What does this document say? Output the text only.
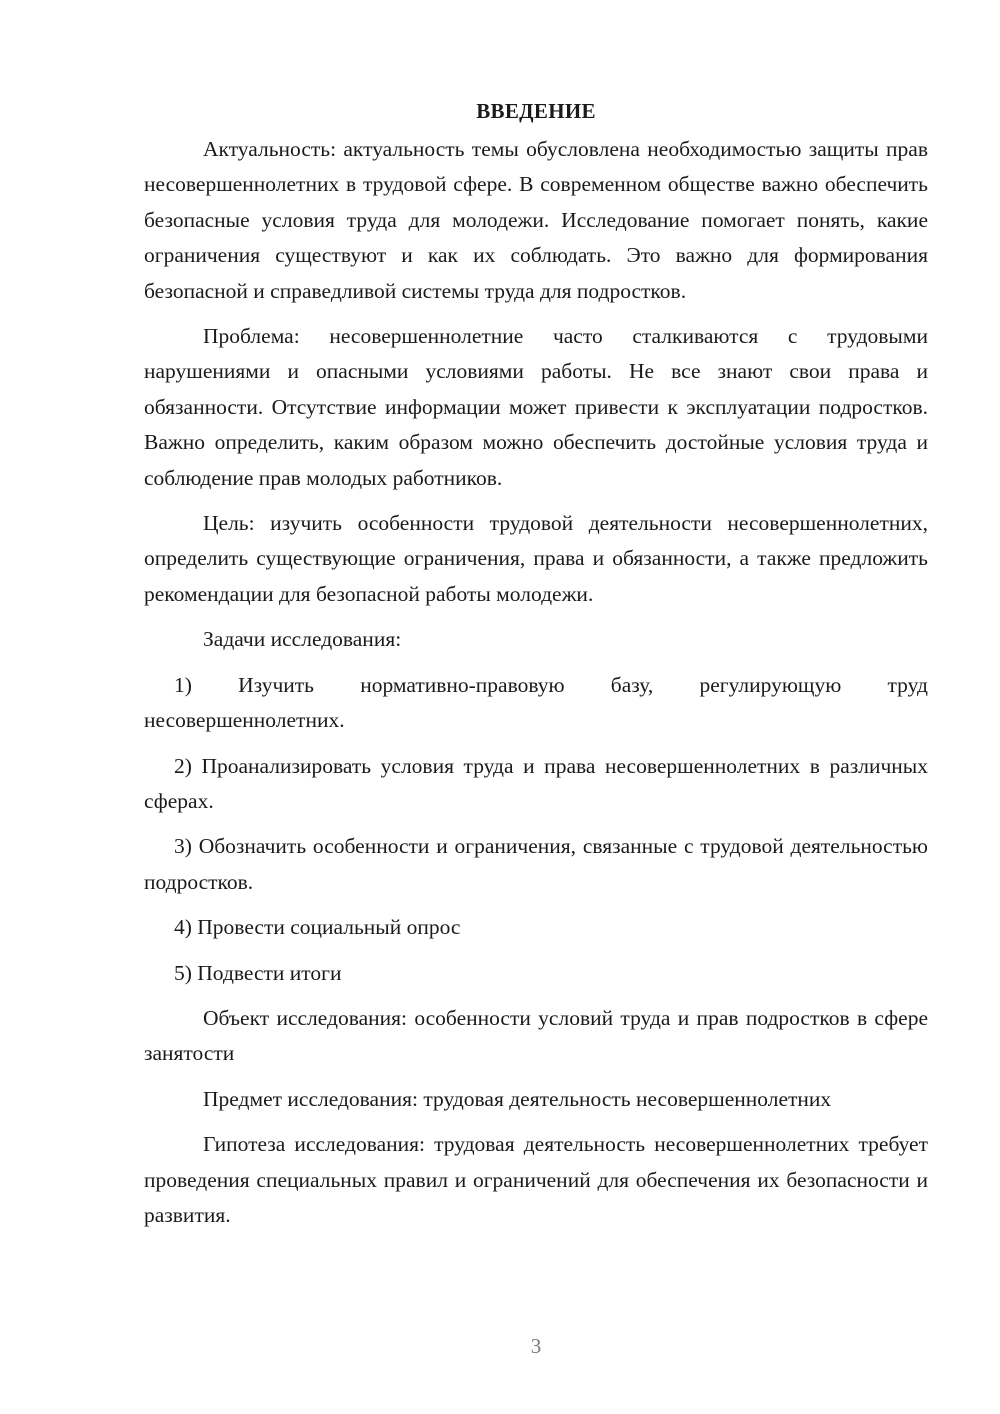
ВВЕДЕНИЕ

Актуальность: актуальность темы обусловлена необходимостью защиты прав несовершеннолетних в трудовой сфере. В современном обществе важно обеспечить безопасные условия труда для молодежи. Исследование помогает понять, какие ограничения существуют и как их соблюдать. Это важно для формирования безопасной и справедливой системы труда для подростков.

Проблема: несовершеннолетние часто сталкиваются с трудовыми нарушениями и опасными условиями работы. Не все знают свои права и обязанности. Отсутствие информации может привести к эксплуатации подростков. Важно определить, каким образом можно обеспечить достойные условия труда и соблюдение прав молодых работников.

Цель: изучить особенности трудовой деятельности несовершеннолетних, определить существующие ограничения, права и обязанности, а также предложить рекомендации для безопасной работы молодежи.

Задачи исследования:

1) Изучить нормативно-правовую базу, регулирующую труд несовершеннолетних.

2) Проанализировать условия труда и права несовершеннолетних в различных сферах.

3) Обозначить особенности и ограничения, связанные с трудовой деятельностью подростков.

4) Провести социальный опрос

5) Подвести итоги

Объект исследования: особенности условий труда и прав подростков в сфере занятости

Предмет исследования: трудовая деятельность несовершеннолетних

Гипотеза исследования: трудовая деятельность несовершеннолетних требует проведения специальных правил и ограничений для обеспечения их безопасности и развития.

3
